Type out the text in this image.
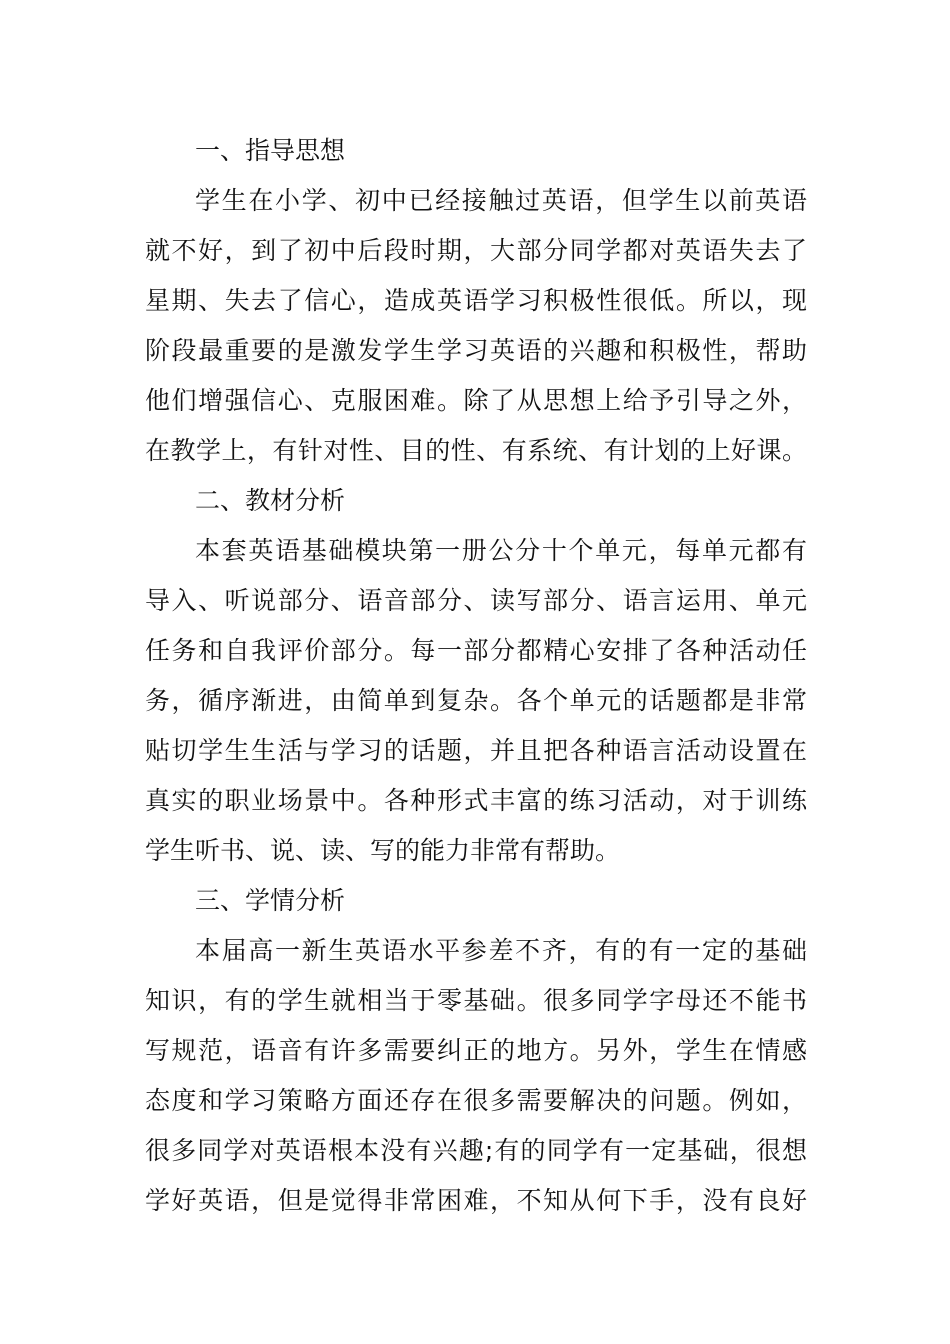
一、指导思想

学生在小学、初中已经接触过英语，但学生以前英语
就不好，到了初中后段时期，大部分同学都对英语失去了
星期、失去了信心，造成英语学习积极性很低。所以，现
阶段最重要的是激发学生学习英语的兴趣和积极性，帮助
他们增强信心、克服困难。除了从思想上给予引导之外，
在教学上，有针对性、目的性、有系统、有计划的上好课。

二、教材分析

本套英语基础模块第一册公分十个单元，每单元都有
导入、听说部分、语音部分、读写部分、语言运用、单元
任务和自我评价部分。每一部分都精心安排了各种活动任
务，循序渐进，由简单到复杂。各个单元的话题都是非常
贴切学生生活与学习的话题，并且把各种语言活动设置在
真实的职业场景中。各种形式丰富的练习活动，对于训练
学生听书、说、读、写的能力非常有帮助。

三、学情分析

本届高一新生英语水平参差不齐，有的有一定的基础
知识，有的学生就相当于零基础。很多同学字母还不能书
写规范，语音有许多需要纠正的地方。另外，学生在情感
态度和学习策略方面还存在很多需要解决的问题。例如，
很多同学对英语根本没有兴趣;有的同学有一定基础，很想
学好英语，但是觉得非常困难，不知从何下手，没有良好
